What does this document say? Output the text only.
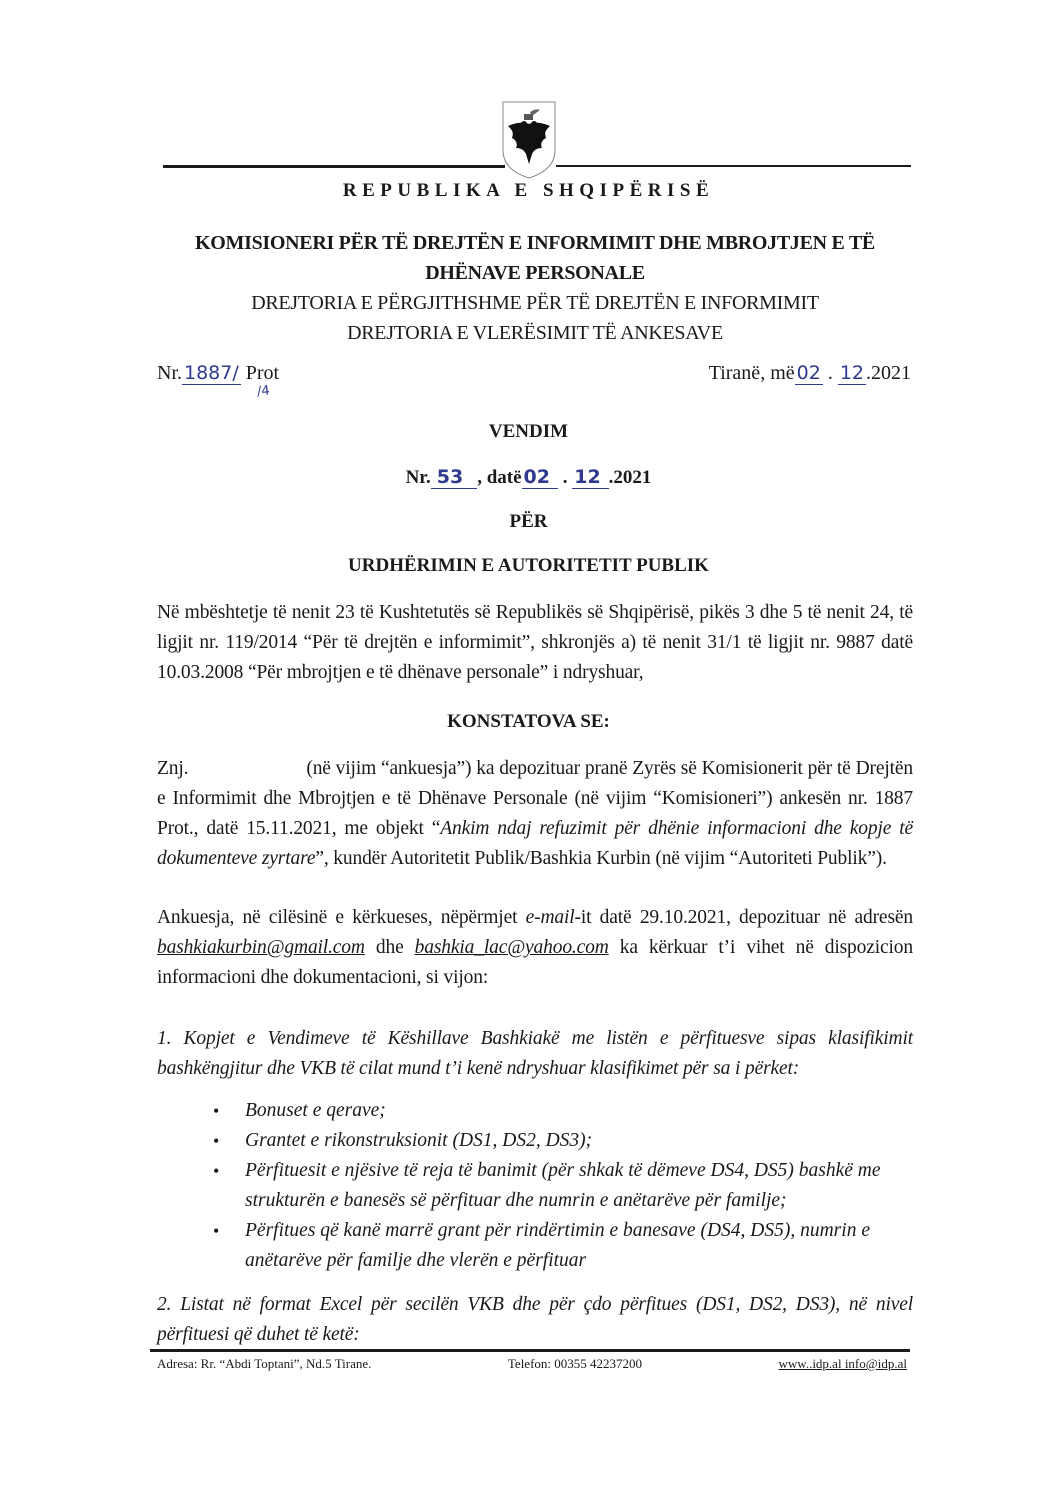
REPUBLIKA E SHQIPËRISË
KOMISIONERI PËR TË DREJTËN E INFORMIMIT DHE MBROJTJEN E TË
DHËNAVE PERSONALE
DREJTORIA E PËRGJITHSHME PËR TË DREJTËN E INFORMIMIT
DREJTORIA E VLERËSIMIT TË ANKESAVE
Nr. 1887/ Prot
/4
Tiranë, më 02 . 12 .2021
VENDIM
Nr. 53 , datë 02 . 12 .2021
PËR
URDHËRIMIN E AUTORITETIT PUBLIK
Në mbështetje të nenit 23 të Kushtetutës së Republikës së Shqipërisë, pikës 3 dhe 5 të nenit 24, të ligjit nr. 119/2014 “Për të drejtën e informimit”, shkronjës a) të nenit 31/1 të ligjit nr. 9887 datë 10.03.2008 “Për mbrojtjen e të dhënave personale” i ndryshuar,
KONSTATOVA SE:
Znj.	(në vijim “ankuesja”) ka depozituar pranë Zyrës së Komisionerit për të Drejtën e Informimit dhe Mbrojtjen e të Dhënave Personale (në vijim “Komisioneri”) ankesën nr. 1887 Prot., datë 15.11.2021, me objekt “Ankim ndaj refuzimit për dhënie informacioni dhe kopje të dokumenteve zyrtare”, kundër Autoritetit Publik/Bashkia Kurbin (në vijim “Autoriteti Publik”).
Ankuesja, në cilësinë e kërkueses, nëpërmjet e-mail-it datë 29.10.2021, depozituar në adresën bashkiakurbin@gmail.com dhe bashkia_lac@yahoo.com ka kërkuar t’i vihet në dispozicion informacioni dhe dokumentacioni, si vijon:
1. Kopjet e Vendimeve të Këshillave Bashkiakë me listën e përfituesve sipas klasifikimit bashkëngjitur dhe VKB të cilat mund t’i kenë ndryshuar klasifikimet për sa i përket:
• Bonuset e qerave;
• Grantet e rikonstruksionit (DS1, DS2, DS3);
• Përfituesit e njësive të reja të banimit (për shkak të dëmeve DS4, DS5) bashkë me strukturën e banesës së përfituar dhe numrin e anëtarëve për familje;
• Përfitues që kanë marrë grant për rindërtimin e banesave (DS4, DS5), numrin e anëtarëve për familje dhe vlerën e përfituar
2. Listat në format Excel për secilën VKB dhe për çdo përfitues (DS1, DS2, DS3), në nivel përfituesi që duhet të ketë:
Adresa: Rr. “Abdi Toptani”, Nd.5 Tirane.	Telefon: 00355 42237200	www..idp.al info@idp.al
